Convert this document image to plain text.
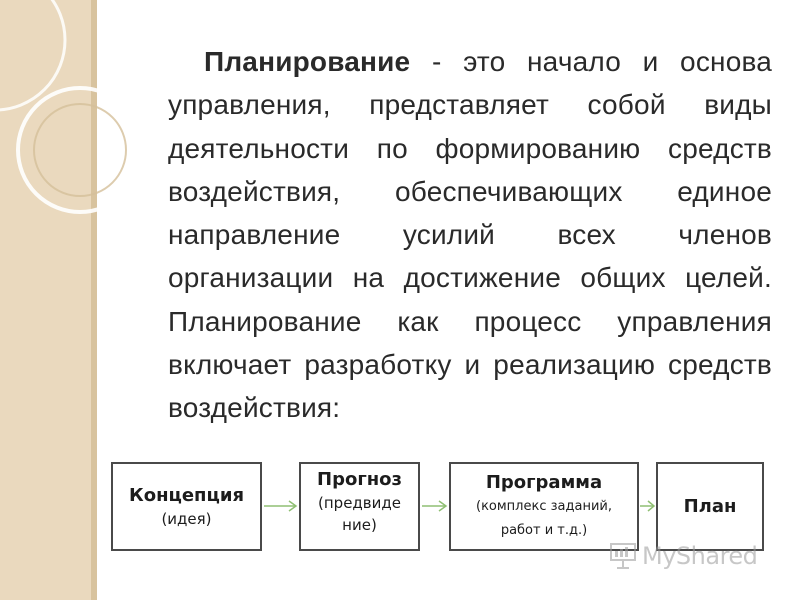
Планирование - это начало и основа управления, представляет собой виды деятельности по формированию средств воздействия, обеспечивающих единое направление усилий всех членов организации на достижение общих целей. Планирование как процесс управления включает разработку и реализацию средств воздействия:

Концепция
(идея)
Прогноз
(предвиде
ние)
Программа
(комплекс заданий,
работ и т.д.)
План
MyShared
